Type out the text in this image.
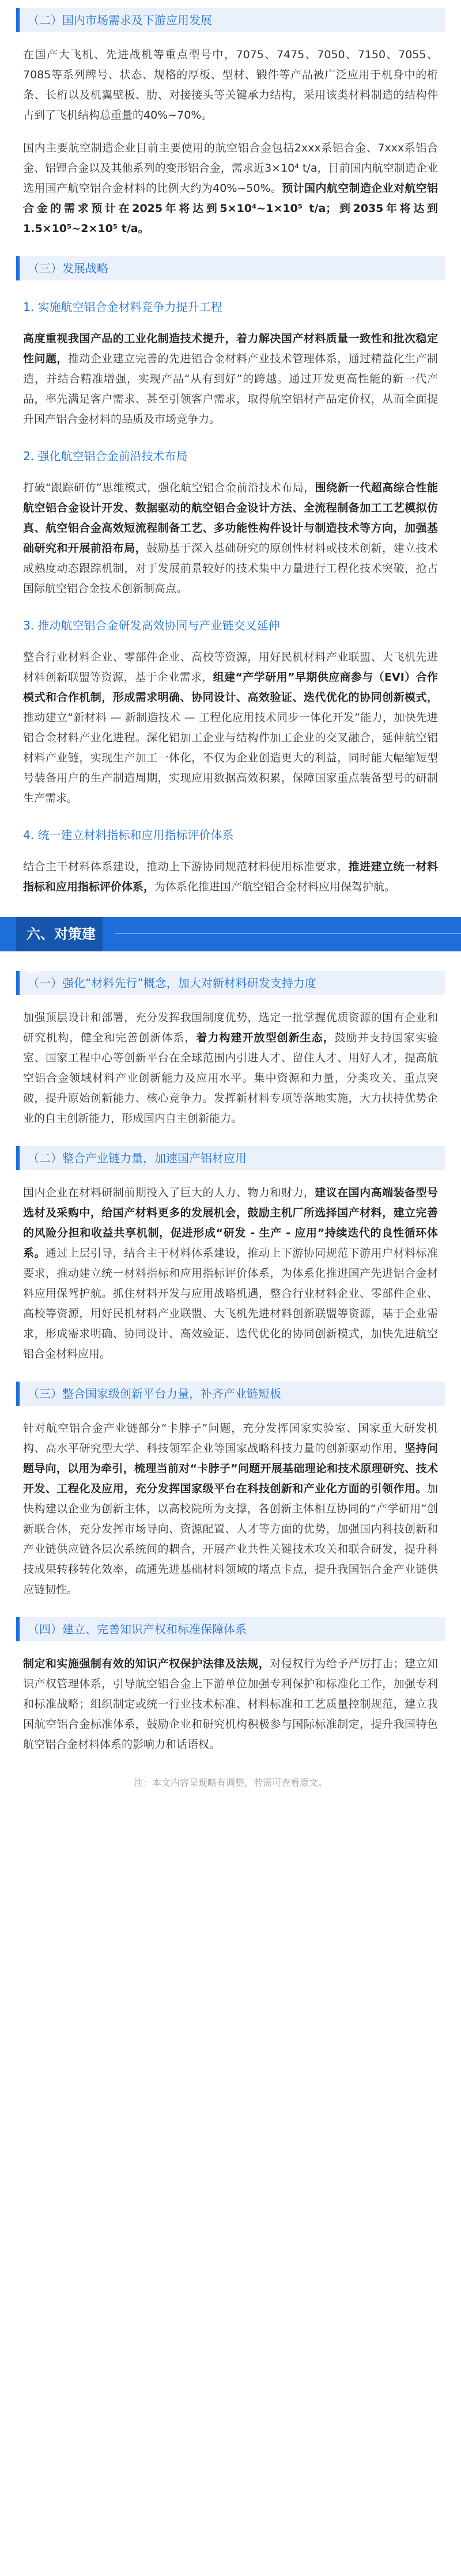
（二）国内市场需求及下游应用发展

在国产大飞机、先进战机等重点型号中，7075、7475、7050、7150、7055、7085等系列牌号、状态、规格的厚板、型材、锻件等产品被广泛应用于机身中的桁条、长桁以及机翼壁板、肋、对接接头等关键承力结构，采用该类材料制造的结构件占到了飞机结构总重量的40%~70%。

国内主要航空制造企业目前主要使用的航空铝合金包括2xxx系铝合金、7xxx系铝合金、铝锂合金以及其他系列的变形铝合金，需求近3×10⁴ t/a，目前国内航空制造企业选用国产航空铝合金材料的比例大约为40%~50%。预计国内航空制造企业对航空铝合金的需求预计在2025年将达到5×10⁴~1×10⁵ t/a；到2035年将达到1.5×10⁵~2×10⁵ t/a。

（三）发展战略
1. 实施航空铝合金材料竞争力提升工程

高度重视我国产品的工业化制造技术提升，着力解决国产材料质量一致性和批次稳定性问题，推动企业建立完善的先进铝合金材料产业技术管理体系，通过精益化生产制造，并结合精准增强，实现产品“从有到好”的跨越。通过开发更高性能的新一代产品，率先满足客户需求、甚至引领客户需求，取得航空铝材产品定价权，从而全面提升国产铝合金材料的品质及市场竞争力。

2. 强化航空铝合金前沿技术布局

打破“跟踪研仿”思维模式，强化航空铝合金前沿技术布局，围绕新一代超高综合性能航空铝合金设计开发、数据驱动的航空铝合金设计方法、全流程制备加工工艺模拟仿真、航空铝合金高效短流程制备工艺、多功能性构件设计与制造技术等方向，加强基础研究和开展前沿布局，鼓励基于深入基础研究的原创性材料或技术创新，建立技术成熟度动态跟踪机制，对于发展前景较好的技术集中力量进行工程化技术突破，抢占国际航空铝合金技术创新制高点。

3. 推动航空铝合金研发高效协同与产业链交叉延伸

整合行业材料企业、零部件企业、高校等资源，用好民机材料产业联盟、大飞机先进材料创新联盟等资源，基于企业需求，组建“产学研用”早期供应商参与（EVI）合作模式和合作机制，形成需求明确、协同设计、高效验证、迭代优化的协同创新模式，推动建立“新材料 — 新制造技术 — 工程化应用技术同步一体化开发”能力，加快先进铝合金材料产业化进程。深化铝加工企业与结构件加工企业的交叉融合，延伸航空铝材料产业链，实现生产加工一体化，不仅为企业创造更大的利益，同时能大幅缩短型号装备用户的生产制造周期，实现应用数据高效积累，保障国家重点装备型号的研制生产需求。

4. 统一建立材料指标和应用指标评价体系

结合主干材料体系建设，推动上下游协同规范材料使用标准要求，推进建立统一材料指标和应用指标评价体系，为体系化推进国产航空铝合金材料应用保驾护航。

六、对策建议
（一）强化“材料先行”概念，加大对新材料研发支持力度

加强顶层设计和部署，充分发挥我国制度优势，选定一批掌握优质资源的国有企业和研究机构，健全和完善创新体系，着力构建开放型创新生态，鼓励并支持国家实验室、国家工程中心等创新平台在全球范围内引进人才、留住人才、用好人才，提高航空铝合金领域材料产业创新能力及应用水平。集中资源和力量，分类攻关、重点突破，提升原始创新能力、核心竞争力。发挥新材料专项等落地实施，大力扶持优势企业的自主创新能力，形成国内自主创新能力。

（二）整合产业链力量，加速国产铝材应用

国内企业在材料研制前期投入了巨大的人力、物力和财力，建议在国内高端装备型号选材及采购中，给国产材料更多的发展机会，鼓励主机厂所选择国产材料，建立完善的风险分担和收益共享机制，促进形成“研发 - 生产 - 应用”持续迭代的良性循环体系。通过上层引导，结合主干材料体系建设，推动上下游协同规范下游用户材料标准要求，推动建立统一材料指标和应用指标评价体系，为体系化推进国产先进铝合金材料应用保驾护航。抓住材料开发与应用战略机遇，整合行业材料企业、零部件企业、高校等资源，用好民机材料产业联盟、大飞机先进材料创新联盟等资源，基于企业需求，形成需求明确、协同设计、高效验证、迭代优化的协同创新模式，加快先进航空铝合金材料应用。

（三）整合国家级创新平台力量，补齐产业链短板

针对航空铝合金产业链部分“卡脖子”问题，充分发挥国家实验室、国家重大研发机构、高水平研究型大学、科技领军企业等国家战略科技力量的创新驱动作用，坚持问题导向，以用为牵引，梳理当前对“卡脖子”问题开展基础理论和技术原理研究、技术开发、工程化及应用，充分发挥国家级平台在科技创新和产业化方面的引领作用。加快构建以企业为创新主体，以高校院所为支撑，各创新主体相互协同的“产学研用”创新联合体，充分发挥市场导向、资源配置、人才等方面的优势，加强国内科技创新和产业链供应链各层次系统间的耦合，开展产业共性关键技术攻关和联合研发，提升科技成果转移转化效率，疏通先进基础材料领域的堵点卡点，提升我国铝合金产业链供应链韧性。

（四）建立、完善知识产权和标准保障体系

制定和实施强制有效的知识产权保护法律及法规，对侵权行为给予严厉打击；建立知识产权管理体系，引导航空铝合金上下游单位加强专利保护和标准化工作，加强专利和标准战略；组织制定或统一行业技术标准、材料标准和工艺质量控制规范，建立我国航空铝合金标准体系，鼓励企业和研究机构积极参与国际标准制定，提升我国特色航空铝合金材料体系的影响力和话语权。

注：本文内容呈现略有调整，若需可查看原文。
